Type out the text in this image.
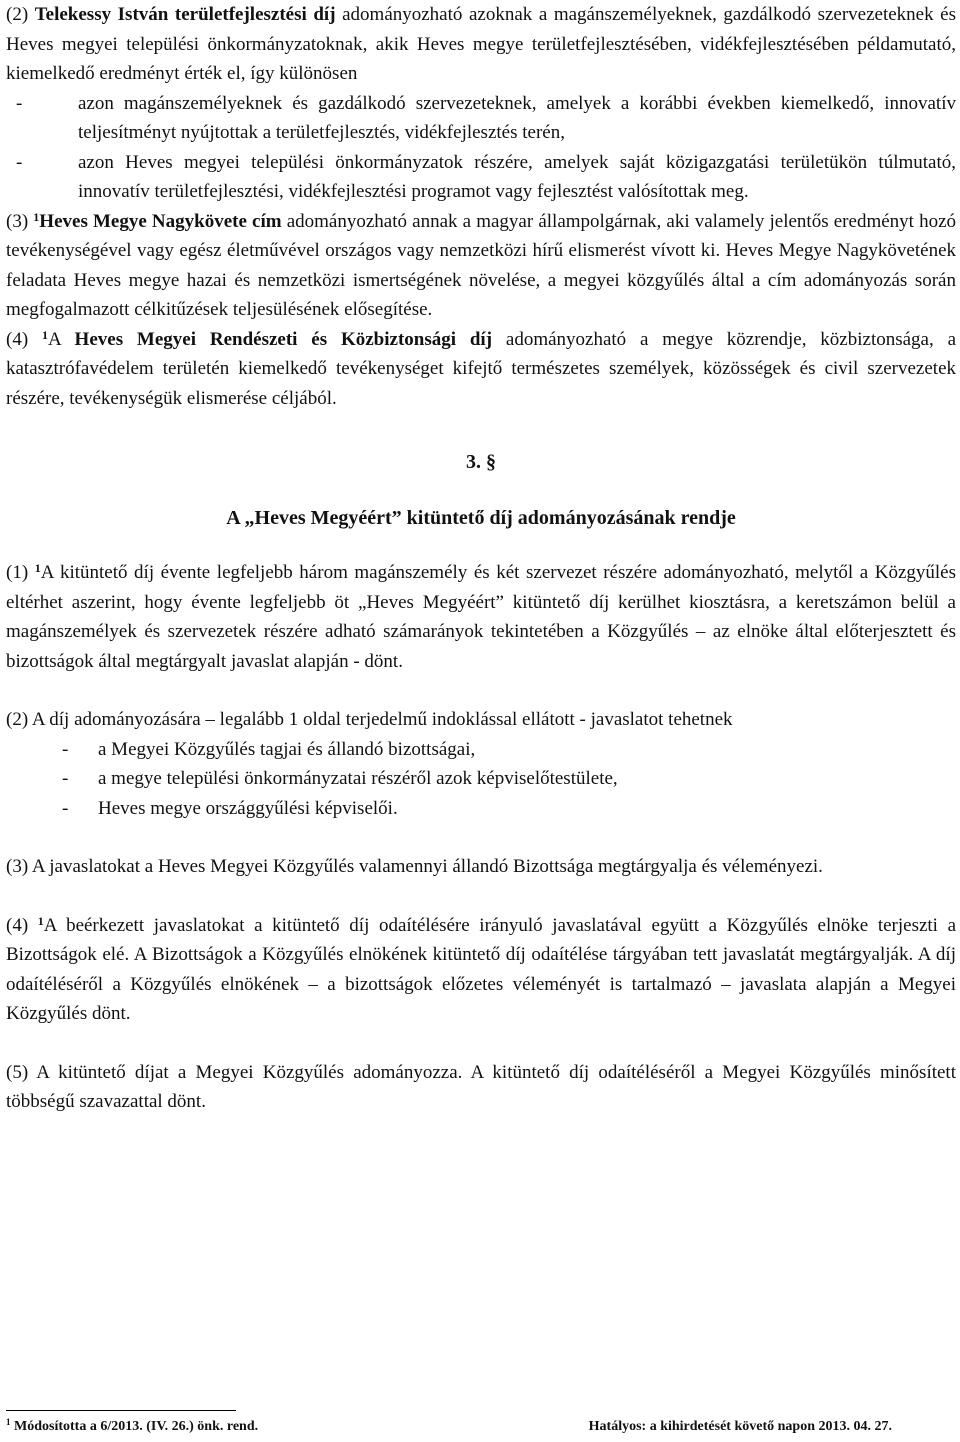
(2) Telekessy István területfejlesztési díj adományozható azoknak a magánszemélyeknek, gazdálkodó szervezeteknek és Heves megyei települési önkormányzatoknak, akik Heves megye területfejlesztésében, vidékfejlesztésében példamutató, kiemelkedő eredményt érték el, így különösen

-	azon magánszemélyeknek és gazdálkodó szervezeteknek, amelyek a korábbi években kiemelkedő, innovatív teljesítményt nyújtottak a területfejlesztés, vidékfejlesztés terén,
-	azon Heves megyei települési önkormányzatok részére, amelyek saját közigazgatási területükön túlmutató, innovatív területfejlesztési, vidékfejlesztési programot vagy fejlesztést valósítottak meg.

(3) $^1$Heves Megye Nagykövete cím adományozható annak a magyar állampolgárnak, aki valamely jelentős eredményt hozó tevékenységével vagy egész életművével országos vagy nemzetközi hírű elismerést vívott ki. Heves Megye Nagykövetének feladata Heves megye hazai és nemzetközi ismertségének növelése, a megyei közgyűlés által a cím adományozás során megfogalmazott célkitűzések teljesülésének elősegítése.

(4) $^1$A Heves Megyei Rendészeti és Közbiztonsági díj adományozható a megye közrendje, közbiztonsága, a katasztrófavédelem területén kiemelkedő tevékenységet kifejtő természetes személyek, közösségek és civil szervezetek részére, tevékenységük elismerése céljából.

3. §
A „Heves Megyéért” kitüntető díj adományozásának rendje

(1) $^1$A kitüntető díj évente legfeljebb három magánszemély és két szervezet részére adományozható, melytől a Közgyűlés eltérhet aszerint, hogy évente legfeljebb öt „Heves Megyéért” kitüntető díj kerülhet kiosztásra, a keretszámon belül a magánszemélyek és szervezetek részére adható számarányok tekintetében a Közgyűlés – az elnöke által előterjesztett és bizottságok által megtárgyalt javaslat alapján - dönt.

(2) A díj adományozására – legalább 1 oldal terjedelmű indoklással ellátott - javaslatot tehetnek

- a Megyei Közgyűlés tagjai és állandó bizottságai,
- a megye települési önkormányzatai részéről azok képviselőtestülete,
- Heves megye országgyűlési képviselői.

(3) A javaslatokat a Heves Megyei Közgyűlés valamennyi állandó Bizottsága megtárgyalja és véleményezi.

(4) $^1$A beérkezett javaslatokat a kitüntető díj odaítélésére irányuló javaslatával együtt a Közgyűlés elnöke terjeszti a Bizottságok elé. A Bizottságok a Közgyűlés elnökének kitüntető díj odaítélése tárgyában tett javaslatát megtárgyalják. A díj odaítéléséről a Közgyűlés elnökének – a bizottságok előzetes véleményét is tartalmazó – javaslata alapján a Megyei Közgyűlés dönt.

(5) A kitüntető díjat a Megyei Közgyűlés adományozza. A kitüntető díj odaítéléséről a Megyei Közgyűlés minősített többségű szavazattal dönt.

$^1$ Módosította a 6/2013. (IV. 26.) önk. rend.	Hatályos: a kihirdetését követő napon 2013. 04. 27.
